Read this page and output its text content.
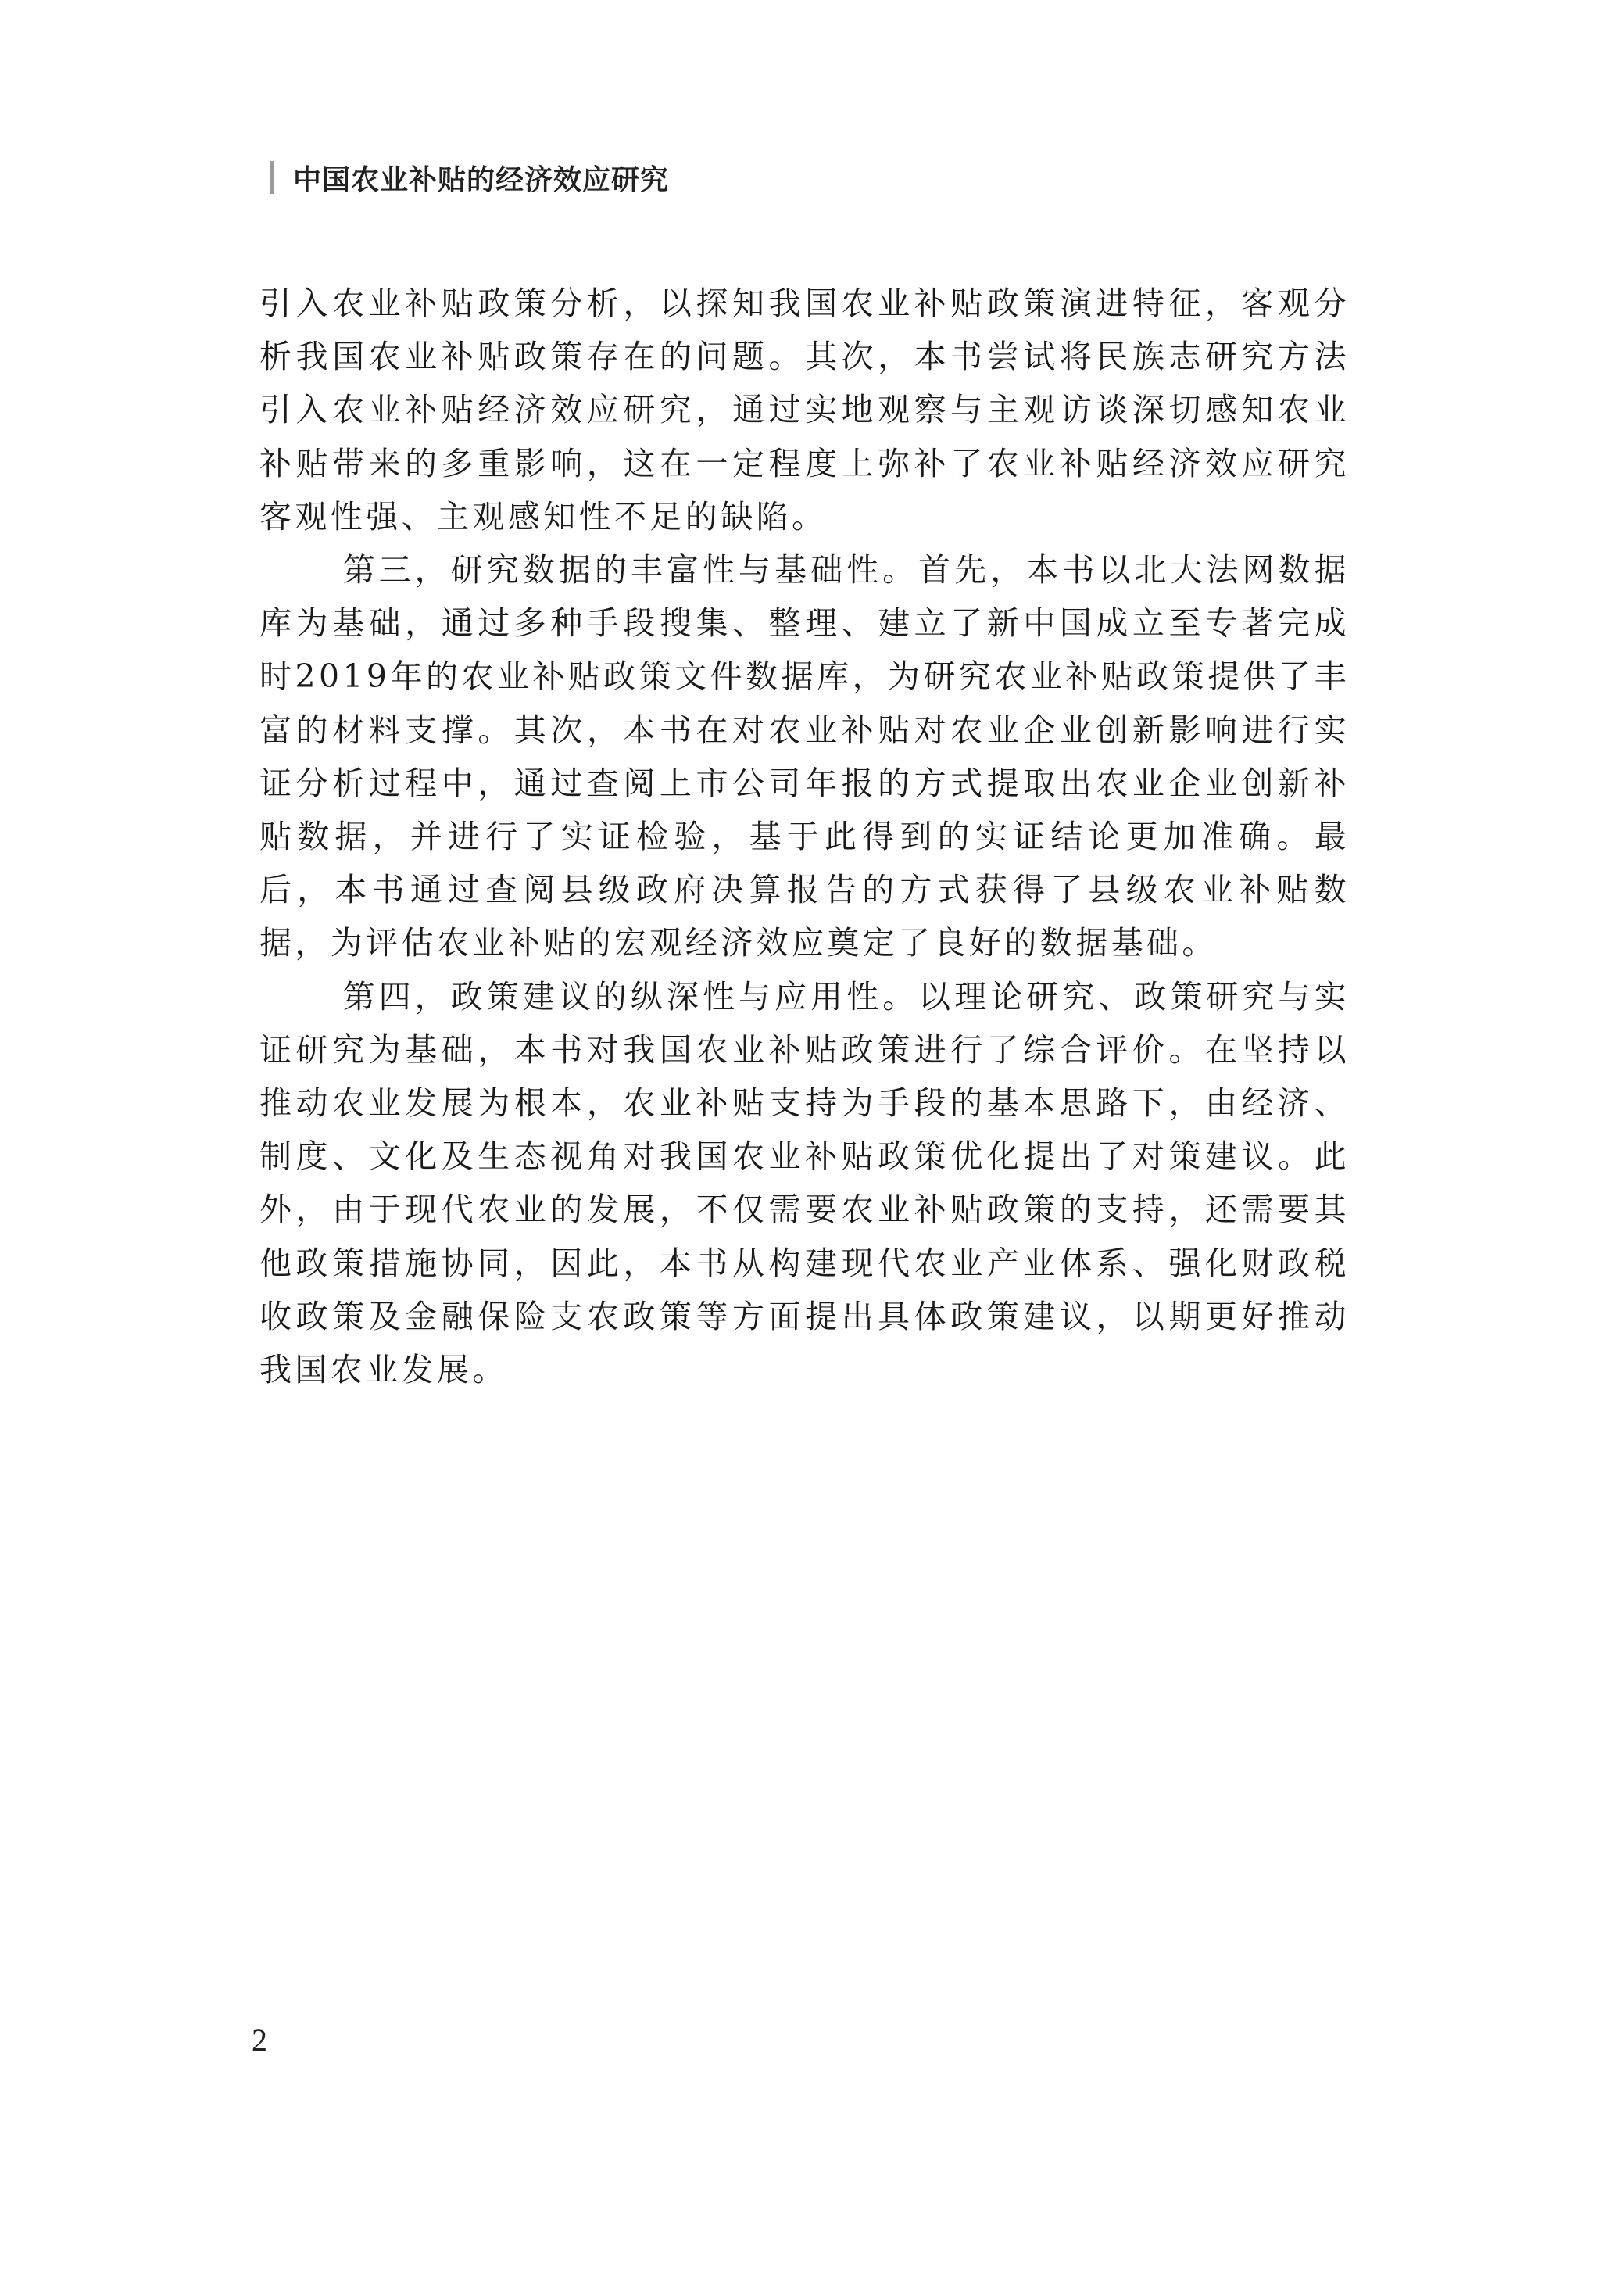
中国农业补贴的经济效应研究

引入农业补贴政策分析，以探知我国农业补贴政策演进特征，客观分析我国农业补贴政策存在的问题。其次，本书尝试将民族志研究方法引入农业补贴经济效应研究，通过实地观察与主观访谈深切感知农业补贴带来的多重影响，这在一定程度上弥补了农业补贴经济效应研究客观性强、主观感知性不足的缺陷。

第三，研究数据的丰富性与基础性。首先，本书以北大法网数据库为基础，通过多种手段搜集、整理、建立了新中国成立至专著完成时2019年的农业补贴政策文件数据库，为研究农业补贴政策提供了丰富的材料支撑。其次，本书在对农业补贴对农业企业创新影响进行实证分析过程中，通过查阅上市公司年报的方式提取出农业企业创新补贴数据，并进行了实证检验，基于此得到的实证结论更加准确。最后，本书通过查阅县级政府决算报告的方式获得了县级农业补贴数据，为评估农业补贴的宏观经济效应奠定了良好的数据基础。

第四，政策建议的纵深性与应用性。以理论研究、政策研究与实证研究为基础，本书对我国农业补贴政策进行了综合评价。在坚持以推动农业发展为根本，农业补贴支持为手段的基本思路下，由经济、制度、文化及生态视角对我国农业补贴政策优化提出了对策建议。此外，由于现代农业的发展，不仅需要农业补贴政策的支持，还需要其他政策措施协同，因此，本书从构建现代农业产业体系、强化财政税收政策及金融保险支农政策等方面提出具体政策建议，以期更好推动我国农业发展。

2
